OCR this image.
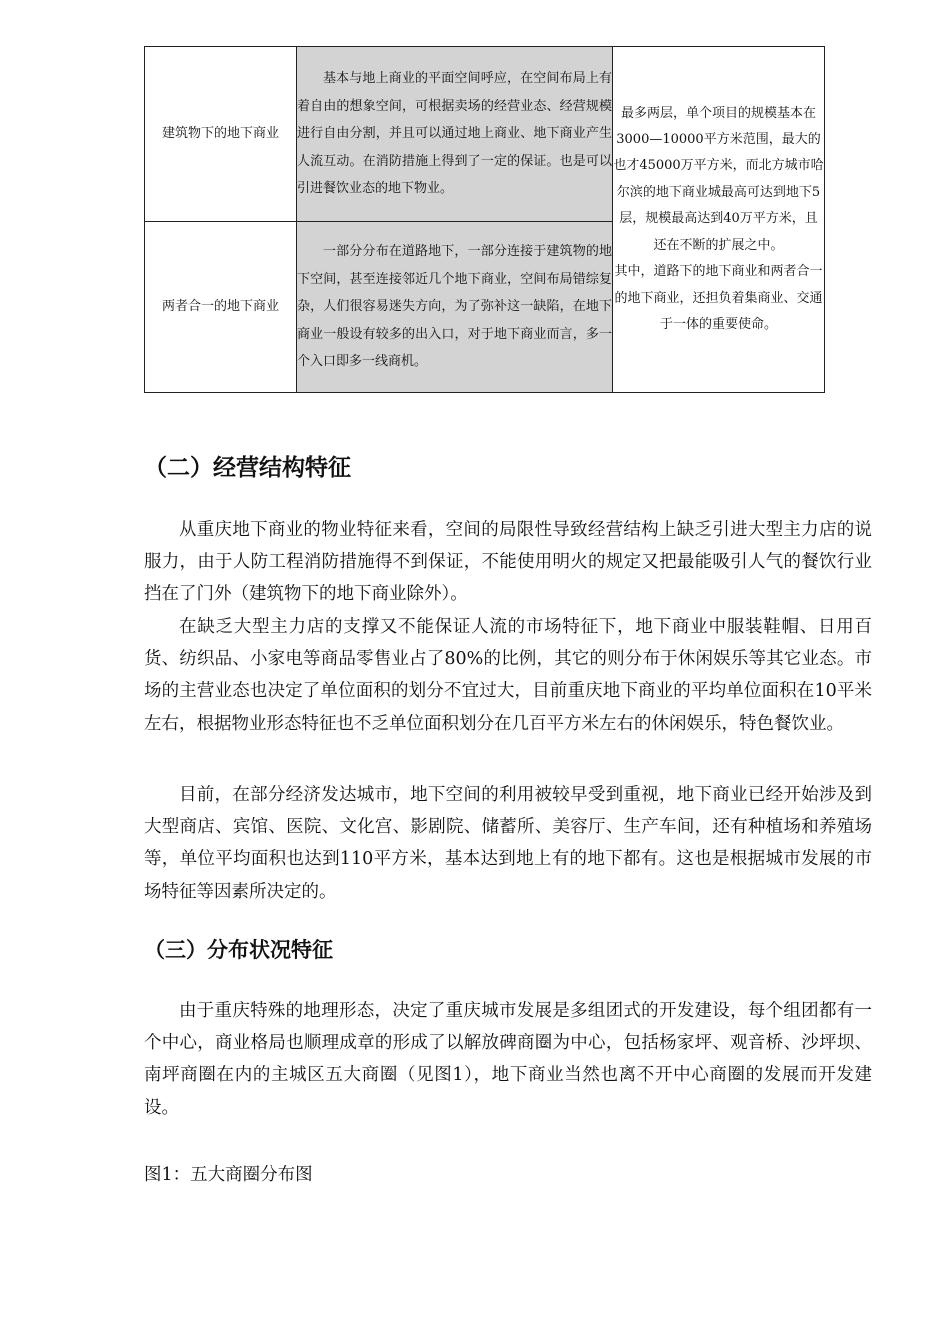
建筑物下的地下商业	基本与地上商业的平面空间呼应，在空间布局上有着自由的想象空间，可根据卖场的经营业态、经营规模进行自由分割，并且可以通过地上商业、地下商业产生人流互动。在消防措施上得到了一定的保证。也是可以引进餐饮业态的地下物业。	最多两层，单个项目的规模基本在3000—10000平方米范围，最大的也才45000万平方米，而北方城市哈尔滨的地下商业城最高可达到地下5层，规模最高达到40万平方米，且还在不断的扩展之中。
其中，道路下的地下商业和两者合一的地下商业，还担负着集商业、交通于一体的重要使命。

两者合一的地下商业	一部分分布在道路地下，一部分连接于建筑物的地下空间，甚至连接邻近几个地下商业，空间布局错综复杂，人们很容易迷失方向，为了弥补这一缺陷，在地下商业一般设有较多的出入口，对于地下商业而言，多一个入口即多一线商机。	
（二）经营结构特征

从重庆地下商业的物业特征来看，空间的局限性导致经营结构上缺乏引进大型主力店的说服力，由于人防工程消防措施得不到保证，不能使用明火的规定又把最能吸引人气的餐饮行业挡在了门外（建筑物下的地下商业除外）。

在缺乏大型主力店的支撑又不能保证人流的市场特征下，地下商业中服装鞋帽、日用百货、纺织品、小家电等商品零售业占了80%的比例，其它的则分布于休闲娱乐等其它业态。市场的主营业态也决定了单位面积的划分不宜过大，目前重庆地下商业的平均单位面积在10平米左右，根据物业形态特征也不乏单位面积划分在几百平方米左右的休闲娱乐，特色餐饮业。

目前，在部分经济发达城市，地下空间的利用被较早受到重视，地下商业已经开始涉及到大型商店、宾馆、医院、文化宫、影剧院、储蓄所、美容厅、生产车间，还有种植场和养殖场等，单位平均面积也达到110平方米，基本达到地上有的地下都有。这也是根据城市发展的市场特征等因素所决定的。

（三）分布状况特征

由于重庆特殊的地理形态，决定了重庆城市发展是多组团式的开发建设，每个组团都有一个中心，商业格局也顺理成章的形成了以解放碑商圈为中心，包括杨家坪、观音桥、沙坪坝、南坪商圈在内的主城区五大商圈（见图1），地下商业当然也离不开中心商圈的发展而开发建设。

图1：五大商圈分布图
